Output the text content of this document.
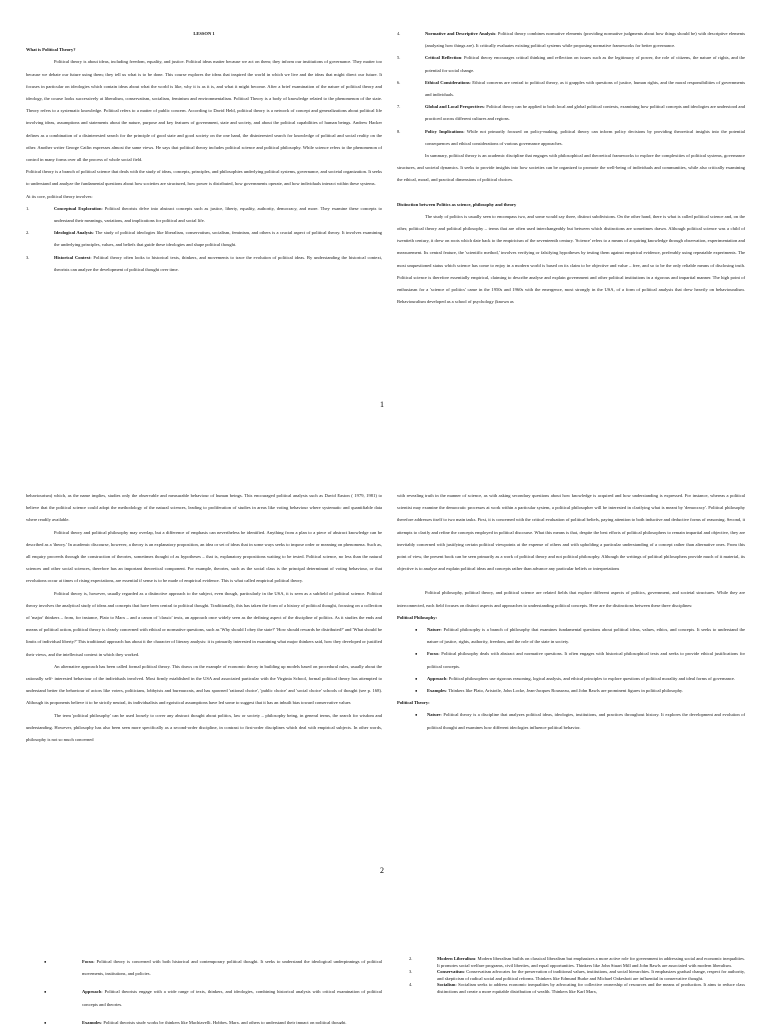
LESSON 1

What is Political Theory?

Political theory is about ideas, including freedom, equality, and justice. Political ideas matter because we act on them; they inform our institutions of governance. They matter too because we debate our future using them; they tell us what is to be done. This course explores the ideas that inspired the world in which we live and the ideas that might direct our future. It focuses in particular on ideologies which contain ideas about what the world is like, why it is as it is, and what it might become. After a brief examination of the nature of political theory and ideology, the course looks successively at liberalism, conservatism, socialism, feminism and environmentalism. Political Theory is a body of knowledge related to the phenomenon of the state. Theory refers to a systematic knowledge. Political refers to a matter of public concern. According to David Held, political theory is a network of concept and generalizations about political life involving ideas, assumptions and statements about the nature, purpose and key features of government, state and society, and about the political capabilities of human beings. Andrew Hacker defines as a combination of a disinterested search for the principle of good state and good society on the one hand, the disinterested search for knowledge of political and social reality on the other. Another writer George Catlin expresses almost the same views. He says that political theory includes political science and political philosophy. While science refers to the phenomenon of control in many forms over all the process of whole social field.

Political theory is a branch of political science that deals with the study of ideas, concepts, principles, and philosophies underlying political systems, governance, and societal organization. It seeks to understand and analyze the fundamental questions about how societies are structured, how power is distributed, how governments operate, and how individuals interact within these systems.

At its core, political theory involves:

1.	Conceptual Exploration: Political theorists delve into abstract concepts such as justice, liberty, equality, authority, democracy, and more. They examine these concepts to understand their meanings, variations, and implications for political and social life.

2.	Ideological Analysis: The study of political ideologies like liberalism, conservatism, socialism, feminism, and others is a crucial aspect of political theory. It involves examining the underlying principles, values, and beliefs that guide these ideologies and shape political thought.

3.	Historical Context: Political theory often looks to historical texts, thinkers, and movements to trace the evolution of political ideas. By understanding the historical context, theorists can analyze the development of political thought over time.

4.	Normative and Descriptive Analysis: Political theory combines normative elements (providing normative judgments about how things should be) with descriptive elements (analyzing how things are). It critically evaluates existing political systems while proposing normative frameworks for better governance.

5.	Critical Reflection: Political theory encourages critical thinking and reflection on issues such as the legitimacy of power, the role of citizens, the nature of rights, and the potential for social change.

6.	Ethical Considerations: Ethical concerns are central to political theory, as it grapples with questions of justice, human rights, and the moral responsibilities of governments and individuals.

7.	Global and Local Perspectives: Political theory can be applied to both local and global political contexts, examining how political concepts and ideologies are understood and practiced across different cultures and regions.

8.	Policy Implications: While not primarily focused on policy-making, political theory can inform policy decisions by providing theoretical insights into the potential consequences and ethical considerations of various governance approaches.

In summary, political theory is an academic discipline that engages with philosophical and theoretical frameworks to explore the complexities of political systems, governance structures, and societal dynamics. It seeks to provide insights into how societies can be organized to promote the well-being of individuals and communities, while also critically examining the ethical, moral, and practical dimensions of political choices.

Distinction between Politics as science, philosophy and theory

The study of politics is usually seen to encompass two, and some would say three, distinct subdivisions. On the other hand, there is what is called political science and, on the other, political theory and political philosophy – terms that are often used interchangeably but between which distinctions are sometimes drawn. Although political science was a child of twentieth century, it drew on roots which date back to the empiricism of the seventeenth century. 'Science' refers to a means of acquiring knowledge through observation, experimentation and measurement. Its central feature, the 'scientific method,' involves verifying or falsifying hypotheses by testing them against empirical evidence, preferably using repeatable experiments. The most unquestioned status which science has come to enjoy in a modern world is based on its claim to be objective and value – free, and so to be the only reliable means of disclosing truth. Political science is therefore essentially empirical, claiming to describe analyse and explain government and other political institutions in a rigorous and impartial manner. The high point of enthusiasm for a 'science of politics' came in the 1950s and 1960s with the emergence, most strongly in the USA, of a form of political analysis that drew heavily on behaviouralism. Behaviouralism developed as a school of psychology (known as

1

behaviourism) which, as the name implies, studies only the observable and measurable behaviour of human beings. This encouraged political analysts such as David Easton ( 1979, 1981) to believe that the political science could adopt the methodology of the natural sciences, leading to proliferation of studies in areas like voting behaviour where systematic and quantifiable data where readily available.

Political theory and political philosophy may overlap, but a difference of emphasis can nevertheless be identified. Anything from a plan to a piece of abstract knowledge can be described as a 'theory.' In academic discourse, however, a theory is an explanatory proposition, an idea or set of ideas that in some ways seeks to impose order or meaning on phenomena. Such as, all enquiry proceeds through the construction of theories, sometimes thought of as hypotheses – that is, explanatory propositions waiting to be tested. Political science, no less than the natural sciences and other social sciences, therefore has an important theoretical component. For example, theories, such as the social class is the principal determinant of voting behaviour, or that revolutions occur at times of rising expectations, are essential if sense is to be made of empirical evidence. This is what called empirical political theory.

Political theory is, however, usually regarded as a distinctive approach to the subject, even though, particularly in the USA, it is seen as a subfield of political science. Political theory involves the analytical study of ideas and concepts that have been central to political thought. Traditionally, this has taken the form of a history of political thought, focusing on a collection of 'major' thinkers – from, for instance, Plato to Marx – and a canon of 'classic' texts, an approach once widely seen as the defining aspect of the discipline of politics. As it studies the ends and means of political action, political theory is clearly concerned with ethical or normative questions, such as 'Why should I obey the state?' 'How should rewards be distributed?' and 'What should be limits of individual liberty?' This traditional approach has about it the character of literary analysis: it is primarily interested in examining what major thinkers said, how they developed or justified their views, and the intellectual context in which they worked.

An alternative approach has been called formal political theory. This draws on the example of economic theory in building up models based on procedural rules, usually about the rationally self- interested behaviour of the individuals involved. Most firmly established in the USA and associated particular with the Virginia School, formal political theory has attempted to understand better the behaviour of actors like voters, politicians, lobbyists and bureaucrats, and has spawned 'rational choice', 'public choice' and 'social choice' schools of thought (see p. 168). Although its proponents believe it to be strictly neutral, its individualists and egoistical assumptions have led some to suggest that it has an inbuilt bias toward conservative values

The term 'political philosophy' can be used loosely to cover any abstract thought about politics, law or society – philosophy being, in general terms, the search for wisdom and understanding. However, philosophy has also been seen more specifically as a second-order discipline, in contrast to first-order disciplines which deal with empirical subjects. In other words, philosophy is not so much concerned

with revealing truth in the manner of science, as with asking secondary questions about how knowledge is acquired and how understanding is expressed. For instance, whereas a political scientist may examine the democratic processes at work within a particular system, a political philosopher will be interested in clarifying what is meant by 'democracy'. Political philosophy therefore addresses itself to two main tasks. First, it is concerned with the critical evaluation of political beliefs, paying attention to both inductive and deductive forms of reasoning. Second, it attempts to clarify and refine the concepts employed in political discourse. What this means is that, despite the best efforts of political philosophers to remain impartial and objective, they are inevitably concerned with justifying certain political viewpoints at the expense of others and with upholding a particular understanding of a concept rather than alternative ones. From this point of view, the present book can be seen primarily as a work of political theory and not political philosophy. Although the writings of political philosophers provide much of it material, its objective is to analyse and explain political ideas and concepts rather than advance any particular beliefs or interpretations

Political philosophy, political theory, and political science are related fields that explore different aspects of politics, government, and societal structures. While they are interconnected, each field focuses on distinct aspects and approaches to understanding political concepts. Here are the distinctions between these three disciplines:

Political Philosophy:

● Nature: Political philosophy is a branch of philosophy that examines fundamental questions about political ideas, values, ethics, and concepts. It seeks to understand the nature of justice, rights, authority, freedom, and the role of the state in society.

● Focus: Political philosophy deals with abstract and normative questions. It often engages with historical philosophical texts and seeks to provide ethical justifications for political concepts.

● Approach: Political philosophers use rigorous reasoning, logical analysis, and ethical principles to explore questions of political morality and ideal forms of governance.

● Examples: Thinkers like Plato, Aristotle, John Locke, Jean-Jacques Rousseau, and John Rawls are prominent figures in political philosophy.

Political Theory:

● Nature: Political theory is a discipline that analyzes political ideas, ideologies, institutions, and practices throughout history. It explores the development and evolution of political thought and examines how different ideologies influence political behavior.

2

● Focus: Political theory is concerned with both historical and contemporary political thought. It seeks to understand the ideological underpinnings of political movements, institutions, and policies.

● Approach: Political theorists engage with a wide range of texts, thinkers, and ideologies, combining historical analysis with critical examination of political concepts and theories.

● Examples: Political theorists study works by thinkers like Machiavelli, Hobbes, Marx, and others to understand their impact on political thought.

2.	Modern Liberalism: Modern liberalism builds on classical liberalism but emphasizes a more active role for government in addressing social and economic inequalities. It promotes social welfare programs, civil liberties, and equal opportunities. Thinkers like John Stuart Mill and John Rawls are associated with modern liberalism.

3.	Conservatism: Conservatism advocates for the preservation of traditional values, institutions, and social hierarchies. It emphasizes gradual change, respect for authority, and skepticism of radical social and political reforms. Thinkers like Edmund Burke and Michael Oakeshott are influential in conservative thought.

4.	Socialism: Socialism seeks to address economic inequalities by advocating for collective ownership of resources and the means of production. It aims to reduce class distinctions and create a more equitable distribution of wealth. Thinkers like Karl Marx,
